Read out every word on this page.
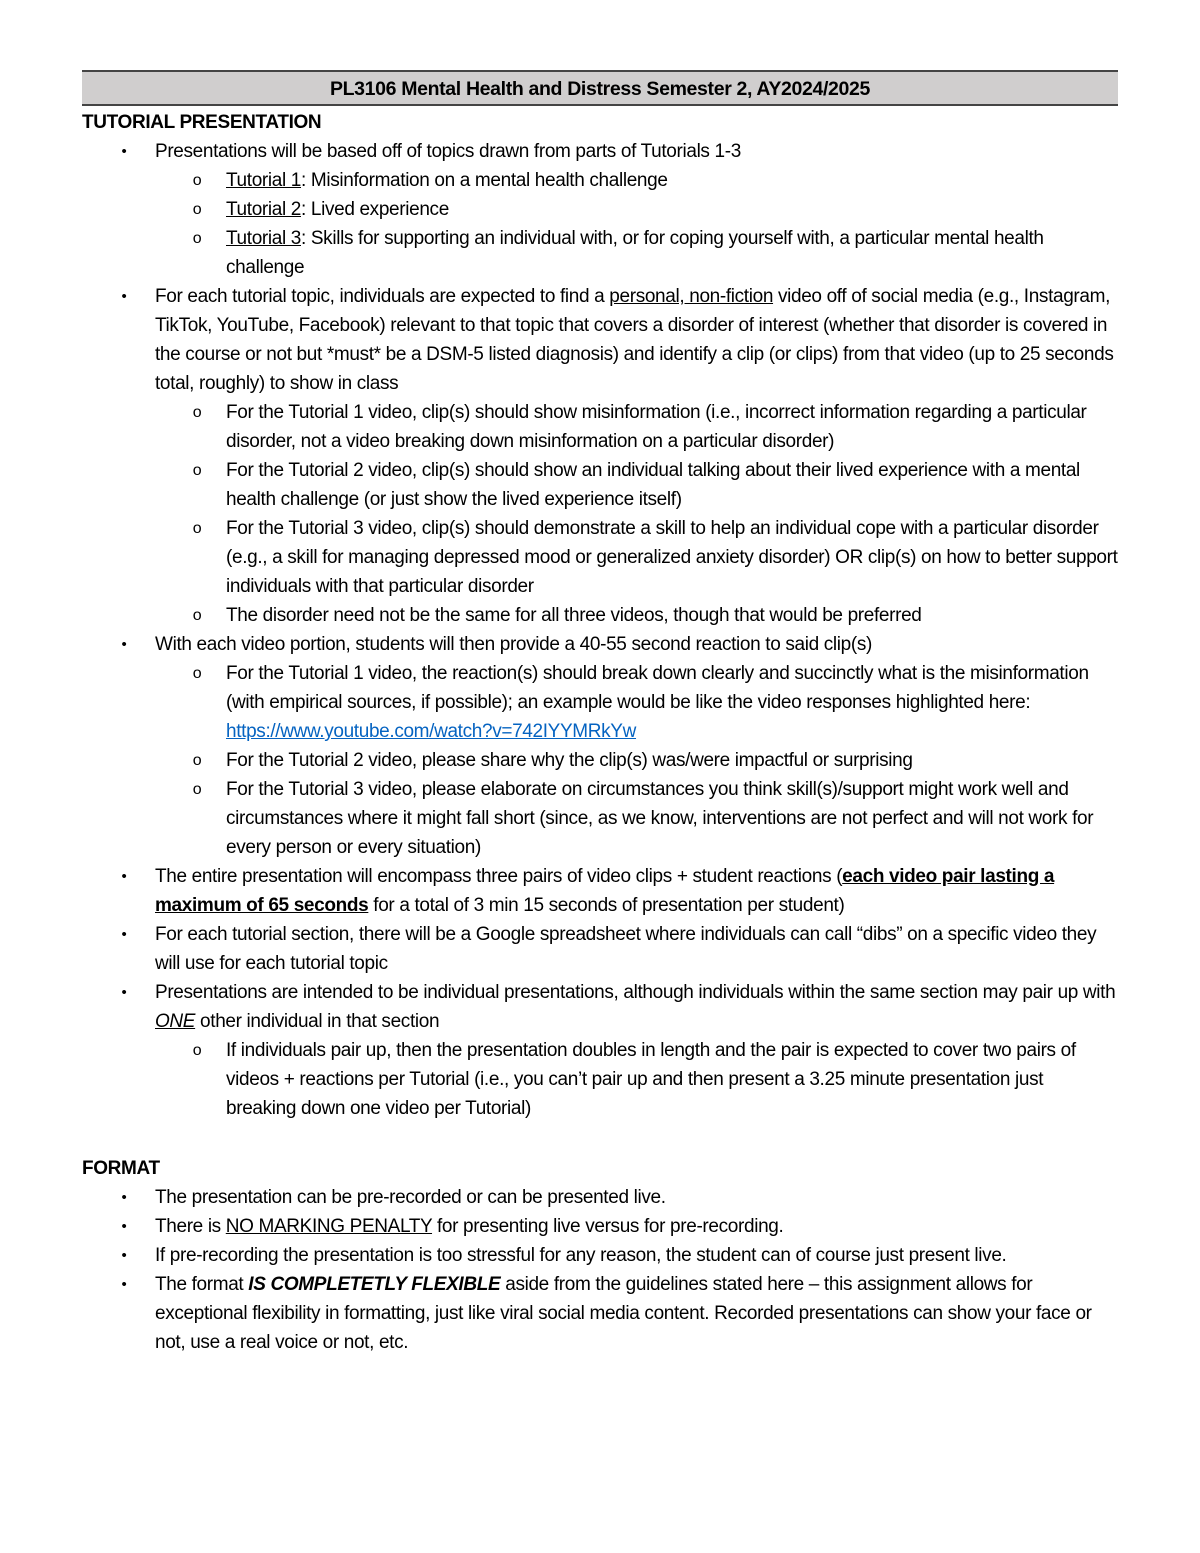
PL3106 Mental Health and Distress Semester 2, AY2024/2025
TUTORIAL PRESENTATION
•	Presentations will be based off of topics drawn from parts of Tutorials 1-3
o	Tutorial 1: Misinformation on a mental health challenge
o	Tutorial 2: Lived experience
o	Tutorial 3: Skills for supporting an individual with, or for coping yourself with, a particular mental health challenge
•	For each tutorial topic, individuals are expected to find a personal, non-fiction video off of social media (e.g., Instagram, TikTok, YouTube, Facebook) relevant to that topic that covers a disorder of interest (whether that disorder is covered in the course or not but *must* be a DSM-5 listed diagnosis) and identify a clip (or clips) from that video (up to 25 seconds total, roughly) to show in class
o	For the Tutorial 1 video, clip(s) should show misinformation (i.e., incorrect information regarding a particular disorder, not a video breaking down misinformation on a particular disorder)
o	For the Tutorial 2 video, clip(s) should show an individual talking about their lived experience with a mental health challenge (or just show the lived experience itself)
o	For the Tutorial 3 video, clip(s) should demonstrate a skill to help an individual cope with a particular disorder (e.g., a skill for managing depressed mood or generalized anxiety disorder) OR clip(s) on how to better support individuals with that particular disorder
o	The disorder need not be the same for all three videos, though that would be preferred
•	With each video portion, students will then provide a 40-55 second reaction to said clip(s)
o	For the Tutorial 1 video, the reaction(s) should break down clearly and succinctly what is the misinformation (with empirical sources, if possible); an example would be like the video responses highlighted here: https://www.youtube.com/watch?v=742IYYMRkYw
o	For the Tutorial 2 video, please share why the clip(s) was/were impactful or surprising
o	For the Tutorial 3 video, please elaborate on circumstances you think skill(s)/support might work well and circumstances where it might fall short (since, as we know, interventions are not perfect and will not work for every person or every situation)
•	The entire presentation will encompass three pairs of video clips + student reactions (each video pair lasting a maximum of 65 seconds for a total of 3 min 15 seconds of presentation per student)
•	For each tutorial section, there will be a Google spreadsheet where individuals can call “dibs” on a specific video they will use for each tutorial topic
•	Presentations are intended to be individual presentations, although individuals within the same section may pair up with ONE other individual in that section
o	If individuals pair up, then the presentation doubles in length and the pair is expected to cover two pairs of videos + reactions per Tutorial (i.e., you can’t pair up and then present a 3.25 minute presentation just breaking down one video per Tutorial)
FORMAT
•	The presentation can be pre-recorded or can be presented live.
•	There is NO MARKING PENALTY for presenting live versus for pre-recording.
•	If pre-recording the presentation is too stressful for any reason, the student can of course just present live.
•	The format IS COMPLETETLY FLEXIBLE aside from the guidelines stated here – this assignment allows for exceptional flexibility in formatting, just like viral social media content. Recorded presentations can show your face or not, use a real voice or not, etc.
